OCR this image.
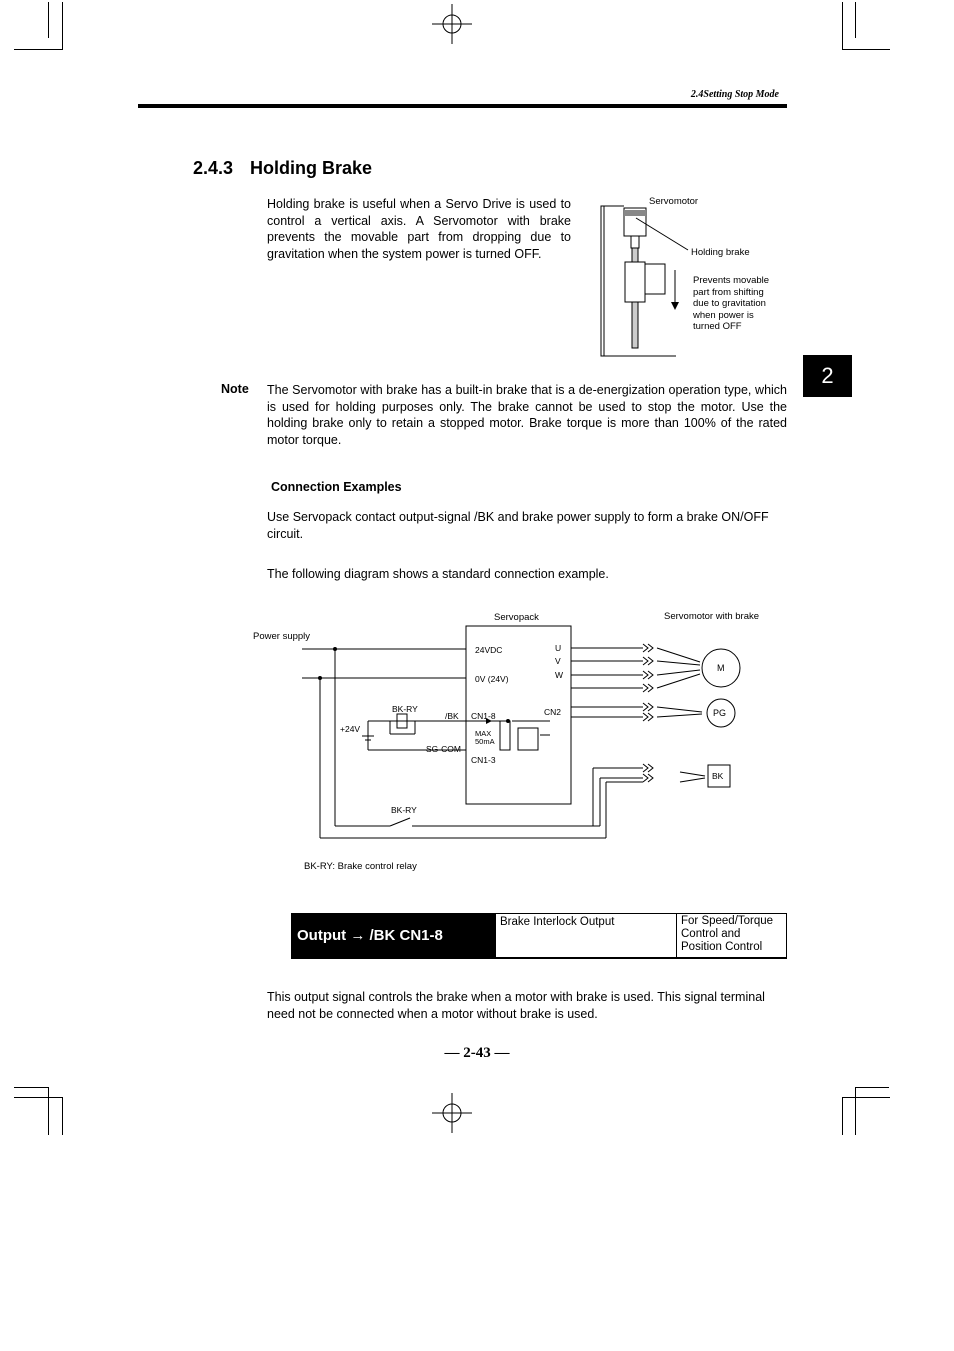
2.4Setting Stop Mode
2.4.3 Holding Brake
Holding brake is useful when a Servo Drive is used to control a vertical axis. A Servomotor with brake prevents the movable part from dropping due to gravitation when the system power is turned OFF.
Servomotor
Holding brake
Prevents movable
part from shifting
due to gravitation
when power is
turned OFF
2
Note The Servomotor with brake has a built-in brake that is a de-energization operation type, which is used for holding purposes only. The brake cannot be used to stop the motor. Use the holding brake only to retain a stopped motor. Brake torque is more than 100% of the rated motor torque.
Connection Examples
Use Servopack contact output-signal /BK and brake power supply to form a brake ON/OFF circuit.
The following diagram shows a standard connection example.
Servopack	Servomotor with brake
Power supply
24VDC
0V (24V)
U
V
W
BK-RY
/BK CN1-8	CN2
+24V	MAX
50mA
SG-COM
CN1-3
M
PG
BK
BK-RY
BK-RY: Brake control relay
Output → /BK CN1-8
Brake Interlock Output	For Speed/Torque
Control and
Position Control
This output signal controls the brake when a motor with brake is used. This signal terminal need not be connected when a motor without brake is used.
— 2-43 —
